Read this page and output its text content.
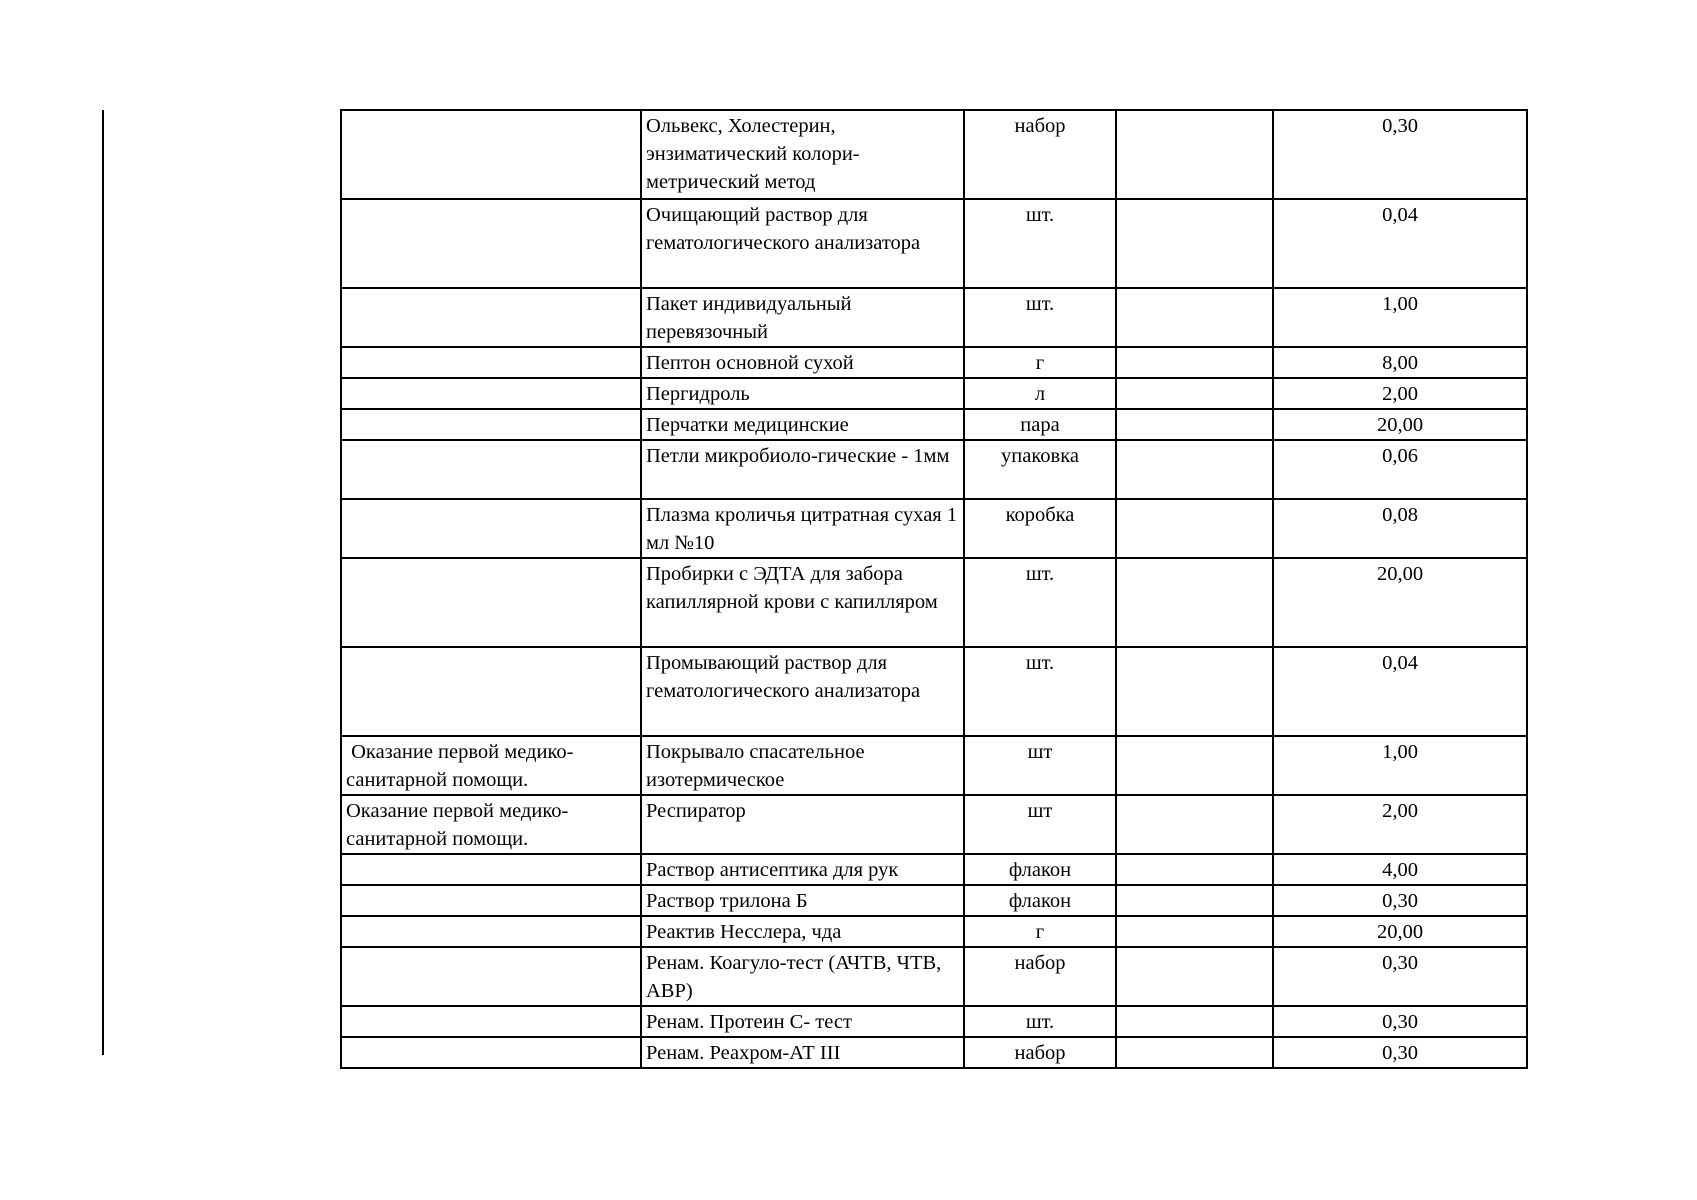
	Ольвекс, Холестерин, энзиматический колори-метрический метод	набор		0,30
	Очищающий раствор для гематологического анализатора	шт.		0,04
	Пакет индивидуальный перевязочный	шт.		1,00
	Пептон основной сухой	г		8,00
	Пергидроль	л		2,00
	Перчатки медицинские	пара		20,00
	Петли микробиоло-гические - 1мм	упаковка		0,06
	Плазма кроличья цитратная сухая 1 мл №10	коробка		0,08
	Пробирки с ЭДТА для забора капиллярной крови с капилляром	шт.		20,00
	Промывающий раствор для гематологического анализатора	шт.		0,04
Оказание первой медико-санитарной помощи.	Покрывало спасательное изотермическое	шт		1,00
Оказание первой медико-санитарной помощи.	Респиратор	шт		2,00
	Раствор антисептика для рук	флакон		4,00
	Раствор трилона Б	флакон		0,30
	Реактив Несслера, чда	г		20,00
	Ренам. Коагуло-тест (АЧТВ, ЧТВ, АВР)	набор		0,30
	Ренам. Протеин С- тест	шт.		0,30
	Ренам. Реахром-АТ III	набор		0,30
